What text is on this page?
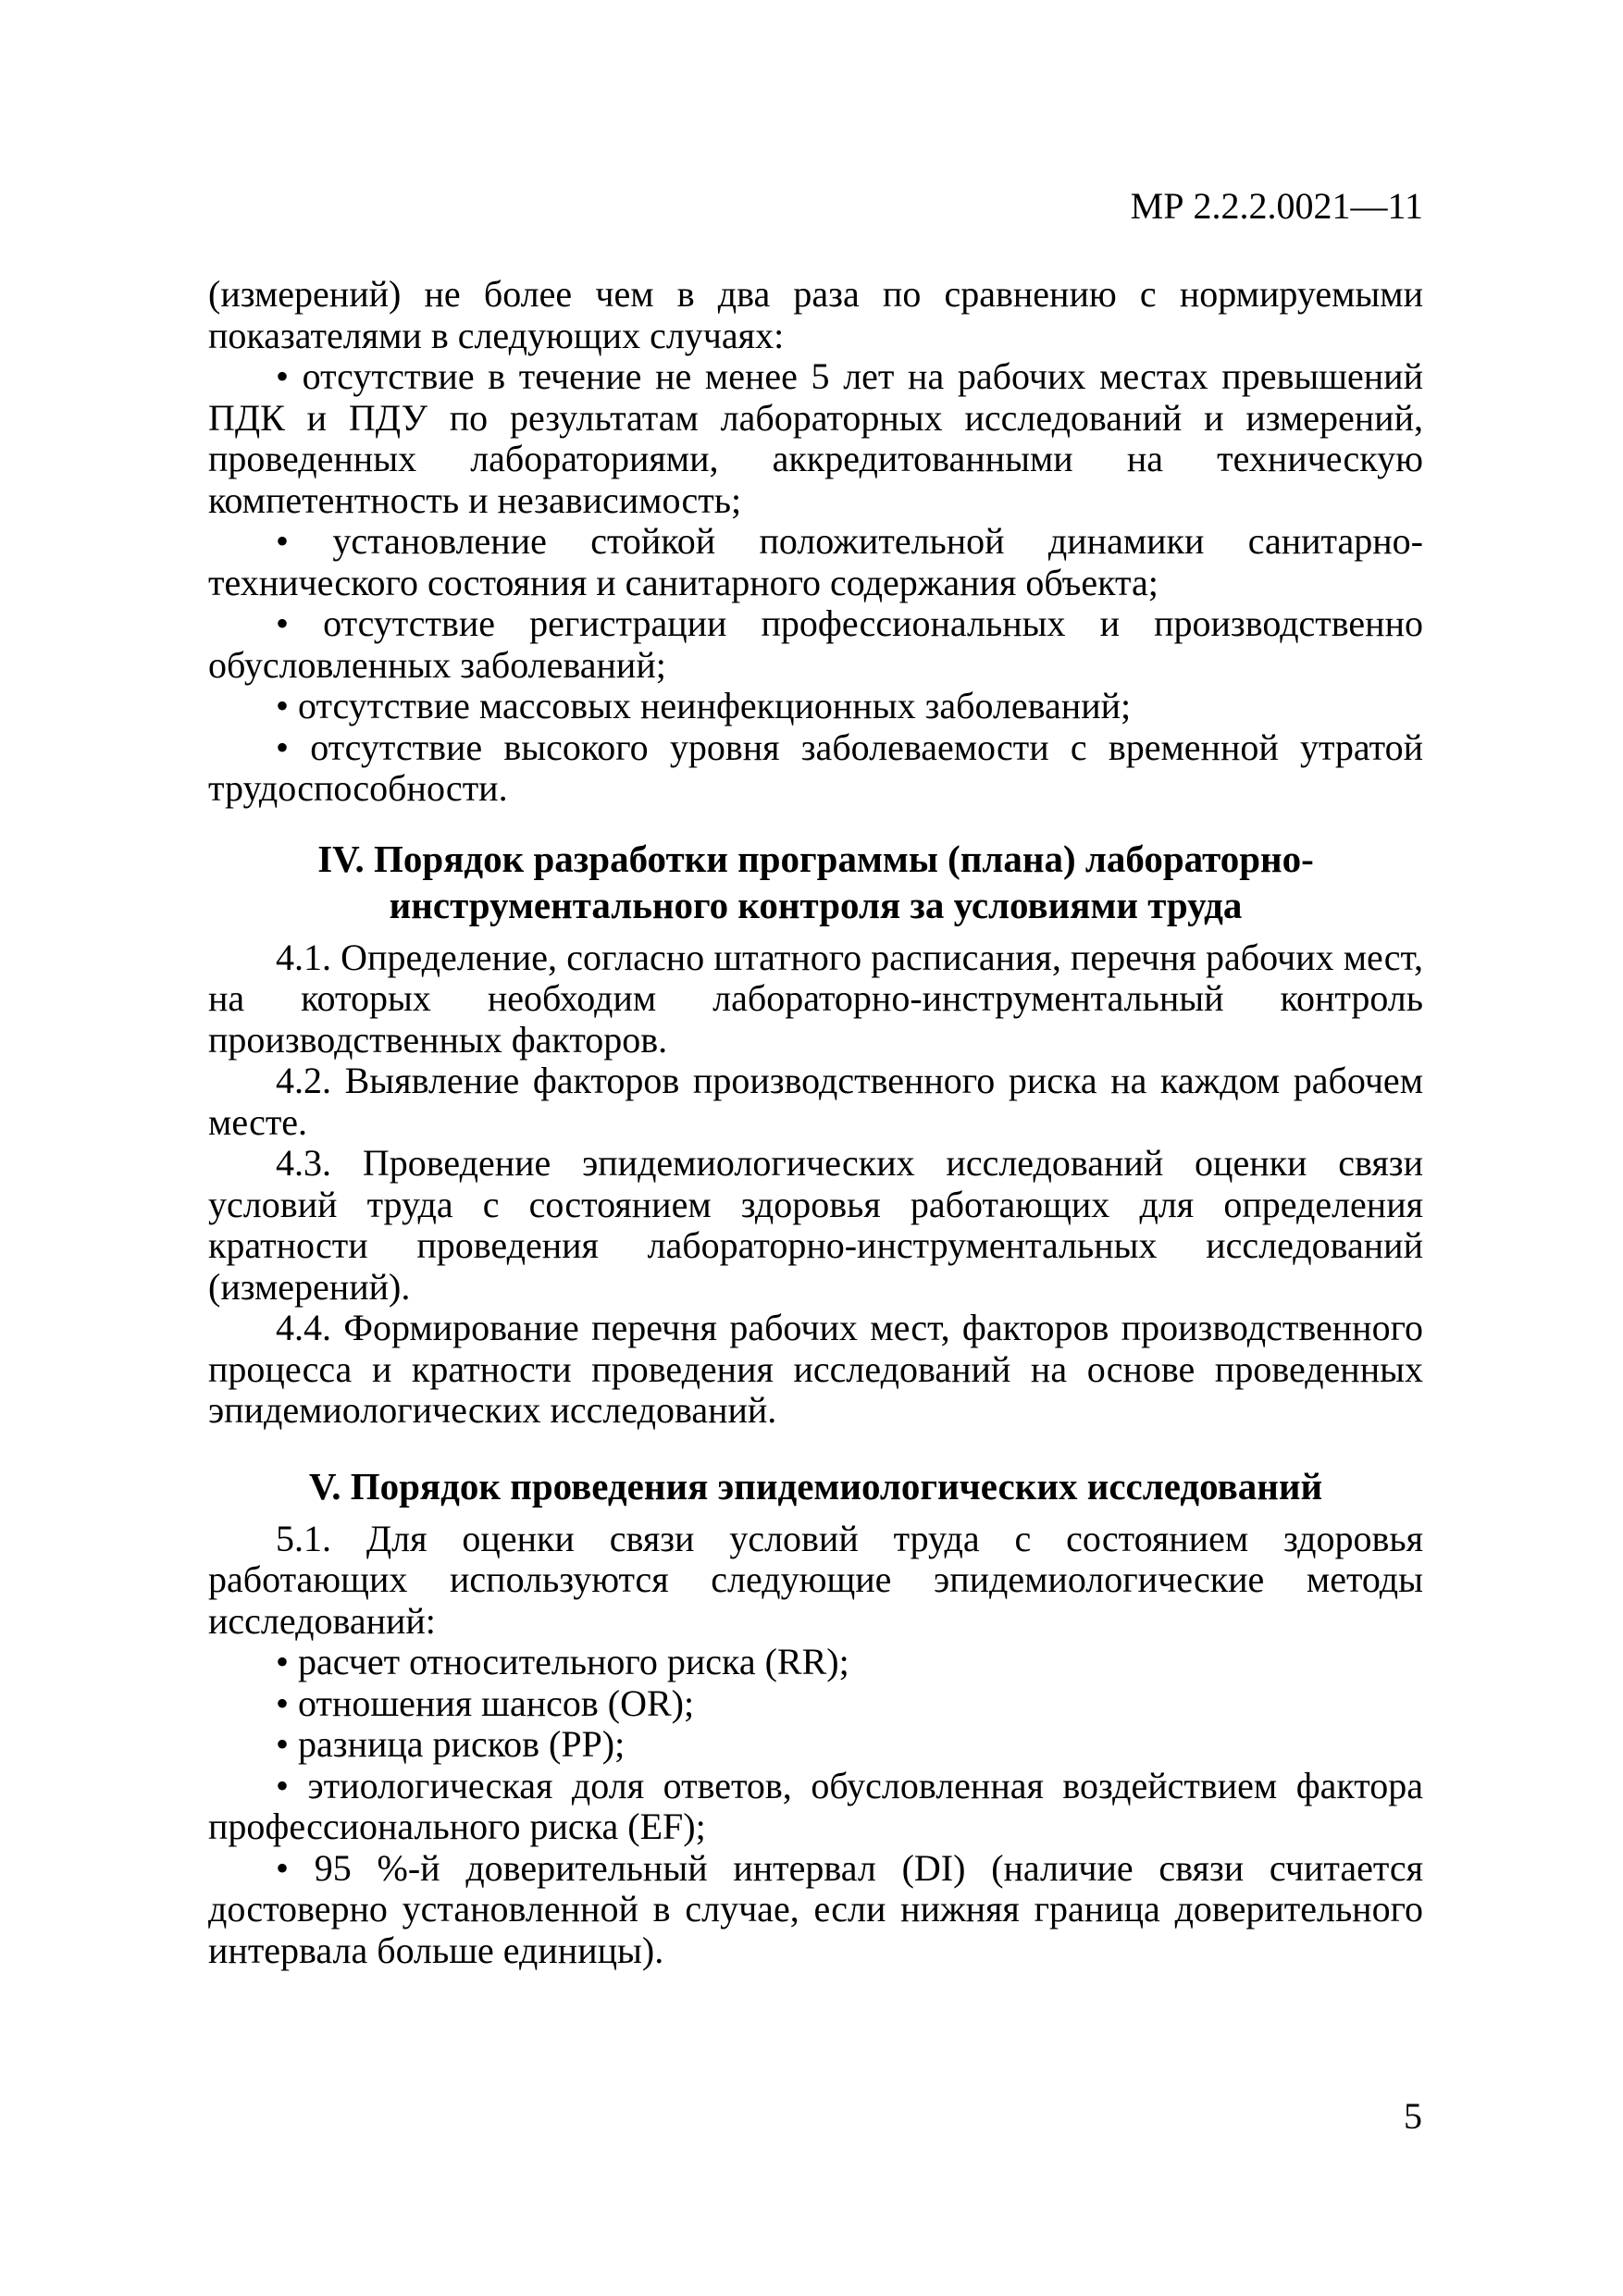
МР 2.2.2.0021—11

(измерений) не более чем в два раза по сравнению с нормируемыми показателями в следующих случаях:

• отсутствие в течение не менее 5 лет на рабочих местах превышений ПДК и ПДУ по результатам лабораторных исследований и измерений, проведенных лабораториями, аккредитованными на техническую компетентность и независимость;

• установление стойкой положительной динамики санитарно-технического состояния и санитарного содержания объекта;

• отсутствие регистрации профессиональных и производственно обусловленных заболеваний;

• отсутствие массовых неинфекционных заболеваний;

• отсутствие высокого уровня заболеваемости с временной утратой трудоспособности.

IV. Порядок разработки программы (плана) лабораторно-
инструментального контроля за условиями труда

4.1. Определение, согласно штатного расписания, перечня рабочих мест, на которых необходим лабораторно-инструментальный контроль производственных факторов.

4.2. Выявление факторов производственного риска на каждом рабочем месте.

4.3. Проведение эпидемиологических исследований оценки связи условий труда с состоянием здоровья работающих для определения кратности проведения лабораторно-инструментальных исследований (измерений).

4.4. Формирование перечня рабочих мест, факторов производственного процесса и кратности проведения исследований на основе проведенных эпидемиологических исследований.

V. Порядок проведения эпидемиологических исследований

5.1. Для оценки связи условий труда с состоянием здоровья работающих используются следующие эпидемиологические методы исследований:

• расчет относительного риска (RR);

• отношения шансов (OR);

• разница рисков (РР);

• этиологическая доля ответов, обусловленная воздействием фактора профессионального риска (EF);

• 95 %-й доверительный интервал (DI) (наличие связи считается достоверно установленной в случае, если нижняя граница доверительного интервала больше единицы).

5
